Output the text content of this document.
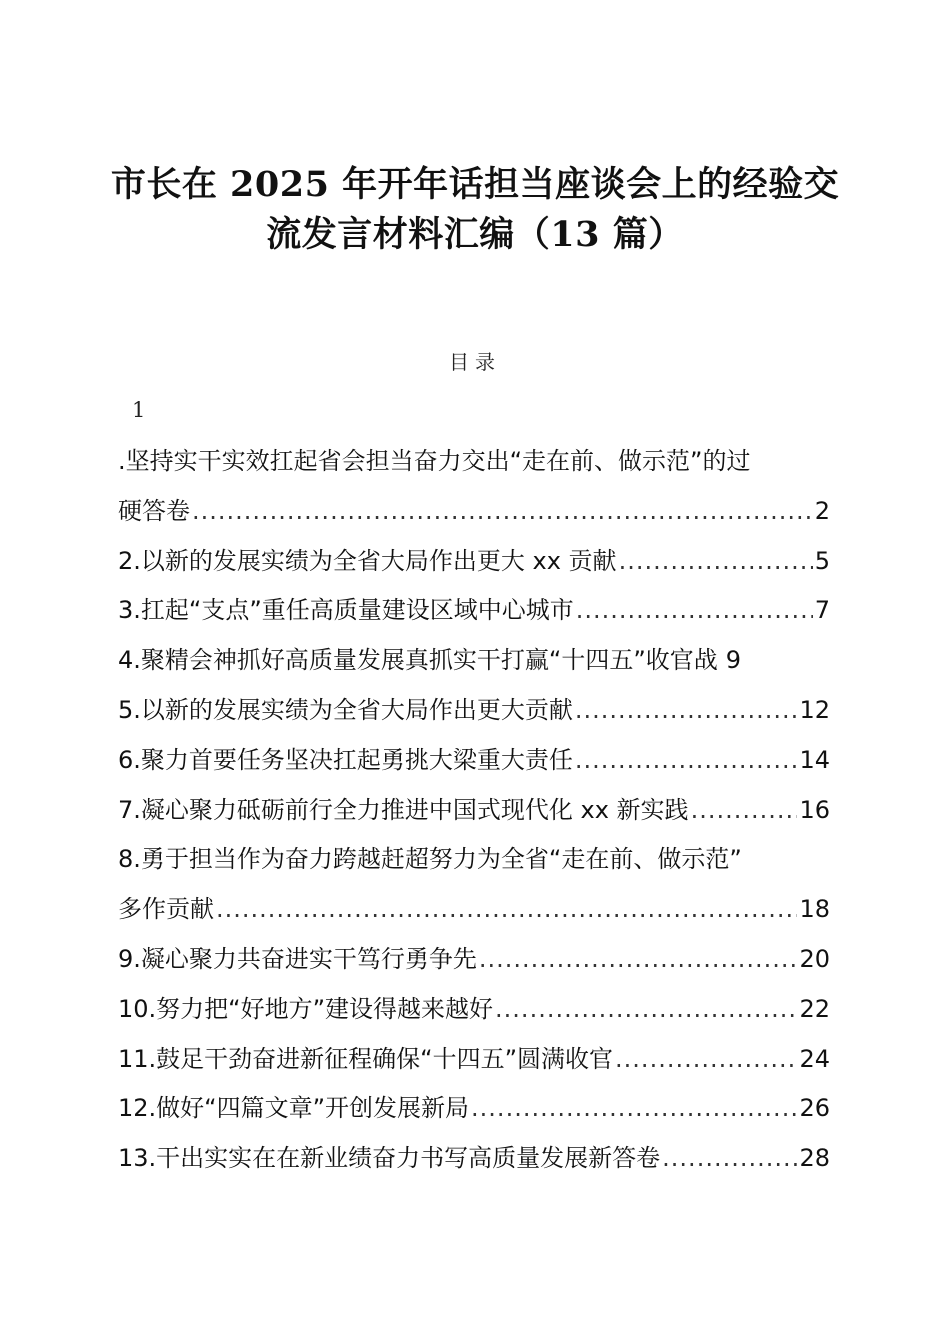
市长在 2025 年开年话担当座谈会上的经验交
流发言材料汇编（13 篇）
目录
1
.坚持实干实效扛起省会担当奋力交出“走在前、做示范”的过
硬答卷 .....	2
2.以新的发展实绩为全省大局作出更大 xx 贡献 .....	5
3.扛起“支点”重任高质量建设区域中心城市 .....	7
4.聚精会神抓好高质量发展真抓实干打赢“十四五”收官战 9
5.以新的发展实绩为全省大局作出更大贡献 .....	12
6.聚力首要任务坚决扛起勇挑大梁重大责任 .....	14
7.凝心聚力砥砺前行全力推进中国式现代化 xx 新实践 .....	16
8.勇于担当作为奋力跨越赶超努力为全省“走在前、做示范”
多作贡献 .....	18
9.凝心聚力共奋进实干笃行勇争先 .....	20
10.努力把“好地方”建设得越来越好 .....	22
11.鼓足干劲奋进新征程确保“十四五”圆满收官 .....	24
12.做好“四篇文章”开创发展新局 .....	26
13.干出实实在在新业绩奋力书写高质量发展新答卷 .....	28
